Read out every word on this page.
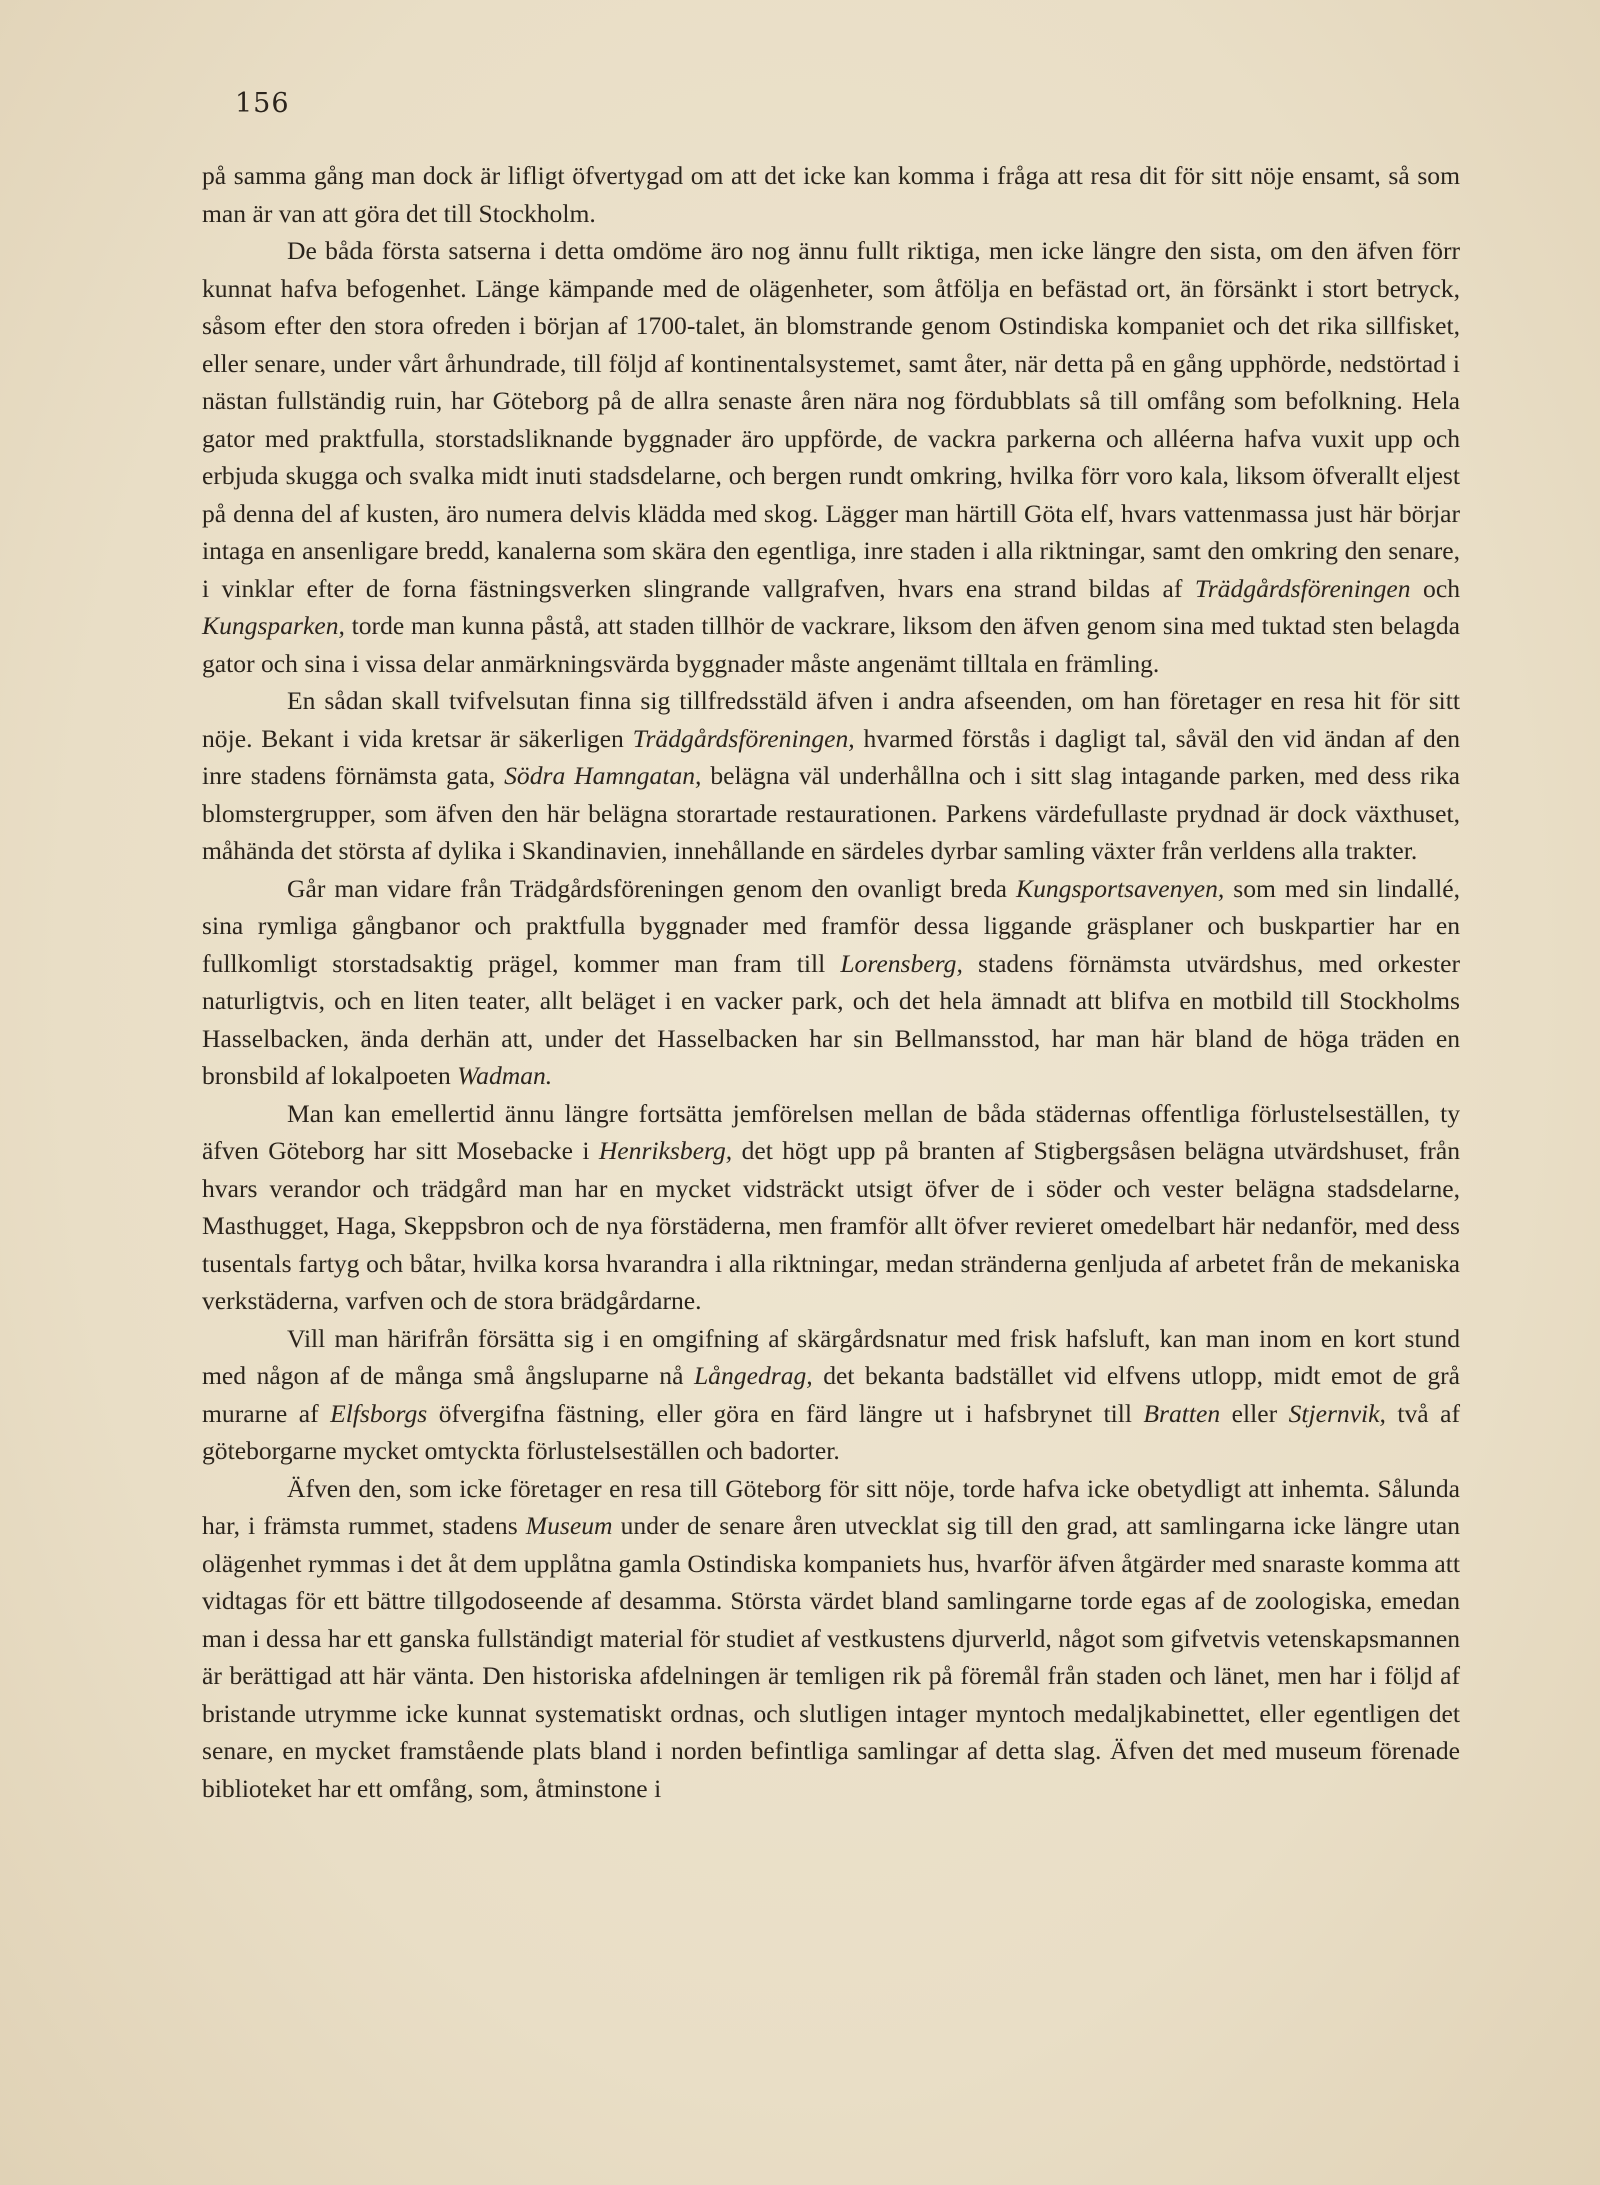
156

på samma gång man dock är lifligt öfvertygad om att det icke kan komma i fråga att resa dit för sitt nöje ensamt, så som man är van att göra det till Stockholm.

De båda första satserna i detta omdöme äro nog ännu fullt riktiga, men icke längre den sista, om den äfven förr kunnat hafva befogenhet. Länge kämpande med de olägenheter, som åtfölja en befästad ort, än försänkt i stort betryck, såsom efter den stora ofreden i början af 1700-talet, än blomstrande genom Ostindiska kompaniet och det rika sillfisket, eller senare, under vårt århundrade, till följd af kontinentalsystemet, samt åter, när detta på en gång upphörde, nedstörtad i nästan fullständig ruin, har Göteborg på de allra senaste åren nära nog fördubblats så till omfång som befolkning. Hela gator med praktfulla, storstadsliknande byggnader äro uppförde, de vackra parkerna och alléerna hafva vuxit upp och erbjuda skugga och svalka midt inuti stadsdelarne, och bergen rundt omkring, hvilka förr voro kala, liksom öfverallt eljest på denna del af kusten, äro numera delvis klädda med skog. Lägger man härtill Göta elf, hvars vattenmassa just här börjar intaga en ansenligare bredd, kanalerna som skära den egentliga, inre staden i alla riktningar, samt den omkring den senare, i vinklar efter de forna fästningsverken slingrande vallgrafven, hvars ena strand bildas af Trädgårdsföreningen och Kungsparken, torde man kunna påstå, att staden tillhör de vackrare, liksom den äfven genom sina med tuktad sten belagda gator och sina i vissa delar anmärkningsvärda byggnader måste angenämt tilltala en främling.

En sådan skall tvifvelsutan finna sig tillfredsstäld äfven i andra afseenden, om han företager en resa hit för sitt nöje. Bekant i vida kretsar är säkerligen Trädgårdsföreningen, hvarmed förstås i dagligt tal, såväl den vid ändan af den inre stadens förnämsta gata, Södra Hamngatan, belägna väl underhållna och i sitt slag intagande parken, med dess rika blomstergrupper, som äfven den här belägna storartade restaurationen. Parkens värdefullaste prydnad är dock växthuset, måhända det största af dylika i Skandinavien, innehållande en särdeles dyrbar samling växter från verldens alla trakter.

Går man vidare från Trädgårdsföreningen genom den ovanligt breda Kungsportsavenyen, som med sin lindallé, sina rymliga gångbanor och praktfulla byggnader med framför dessa liggande gräsplaner och buskpartier har en fullkomligt storstadsaktig prägel, kommer man fram till Lorensberg, stadens förnämsta utvärdshus, med orkester naturligtvis, och en liten teater, allt beläget i en vacker park, och det hela ämnadt att blifva en motbild till Stockholms Hasselbacken, ända derhän att, under det Hasselbacken har sin Bellmansstod, har man här bland de höga träden en bronsbild af lokalpoeten Wadman.

Man kan emellertid ännu längre fortsätta jemförelsen mellan de båda städernas offentliga förlustelseställen, ty äfven Göteborg har sitt Mosebacke i Henriksberg, det högt upp på branten af Stigbergsåsen belägna utvärdshuset, från hvars verandor och trädgård man har en mycket vidsträckt utsigt öfver de i söder och vester belägna stadsdelarne, Masthugget, Haga, Skeppsbron och de nya förstäderna, men framför allt öfver revieret omedelbart här nedanför, med dess tusentals fartyg och båtar, hvilka korsa hvarandra i alla riktningar, medan stränderna genljuda af arbetet från de mekaniska verkstäderna, varfven och de stora brädgårdarne.

Vill man härifrån försätta sig i en omgifning af skärgårdsnatur med frisk hafsluft, kan man inom en kort stund med någon af de många små ångsluparne nå Långedrag, det bekanta badstället vid elfvens utlopp, midt emot de grå murarne af Elfsborgs öfvergifna fästning, eller göra en färd längre ut i hafsbrynet till Bratten eller Stjernvik, två af göteborgarne mycket omtyckta förlustelseställen och badorter.

Äfven den, som icke företager en resa till Göteborg för sitt nöje, torde hafva icke obetydligt att inhemta. Sålunda har, i främsta rummet, stadens Museum under de senare åren utvecklat sig till den grad, att samlingarna icke längre utan olägenhet rymmas i det åt dem upplåtna gamla Ostindiska kompaniets hus, hvarför äfven åtgärder med snaraste komma att vidtagas för ett bättre tillgodoseende af desamma. Största värdet bland samlingarne torde egas af de zoologiska, emedan man i dessa har ett ganska fullständigt material för studiet af vestkustens djurverld, något som gifvetvis vetenskapsmannen är berättigad att här vänta. Den historiska afdelningen är temligen rik på föremål från staden och länet, men har i följd af bristande utrymme icke kunnat systematiskt ordnas, och slutligen intager myntoch medaljkabinettet, eller egentligen det senare, en mycket framstående plats bland i norden befintliga samlingar af detta slag. Äfven det med museum förenade biblioteket har ett omfång, som, åtminstone i
